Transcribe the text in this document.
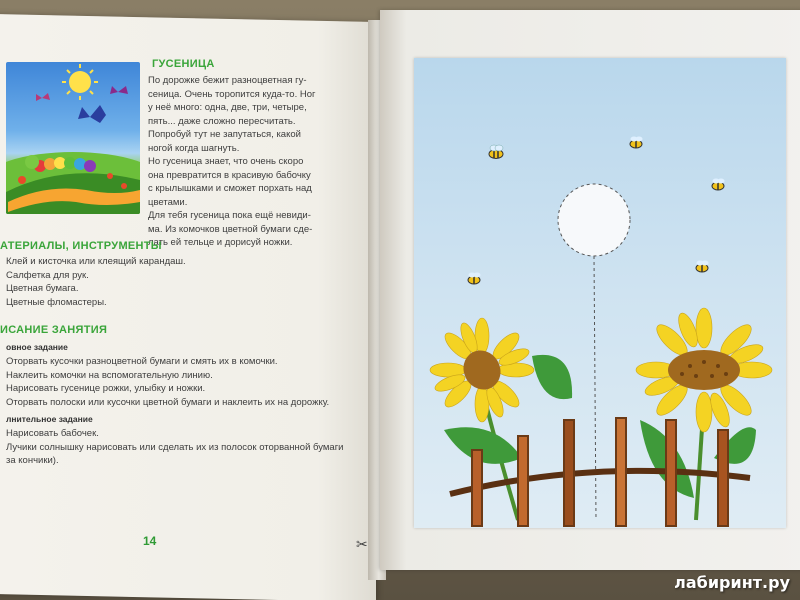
ГУСЕНИЦА
По дорожке бежит разноцветная гу-
сеница. Очень торопится куда-то. Ног
у неё много: одна, две, три, четыре,
пять... даже сложно пересчитать.
Попробуй тут не запутаться, какой
ногой когда шагнуть.
Но гусеница знает, что очень скоро
она превратится в красивую бабочку
с крылышками и сможет порхать над
цветами.
Для тебя гусеница пока ещё невиди-
ма. Из комочков цветной бумаги сде-
лать ей тельце и дорисуй ножки.
АТЕРИАЛЫ, ИНСТРУМЕНТЫ
Клей и кисточка или клеящий карандаш.
Салфетка для рук.
Цветная бумага.
Цветные фломастеры.
ИСАНИЕ ЗАНЯТИЯ
овное задание
Оторвать кусочки разноцветной бумаги и смять их в комочки.
Наклеить комочки на вспомогательную линию.
Нарисовать гусенице рожки, улыбку и ножки.
Оторвать полоски или кусочки цветной бумаги и наклеить их на дорожку.
лнительное задание
Нарисовать бабочек.
Лучики солнышку нарисовать или сделать их из полосок оторванной бумаги
за кончики).
14	✂
лабиринт.ру
